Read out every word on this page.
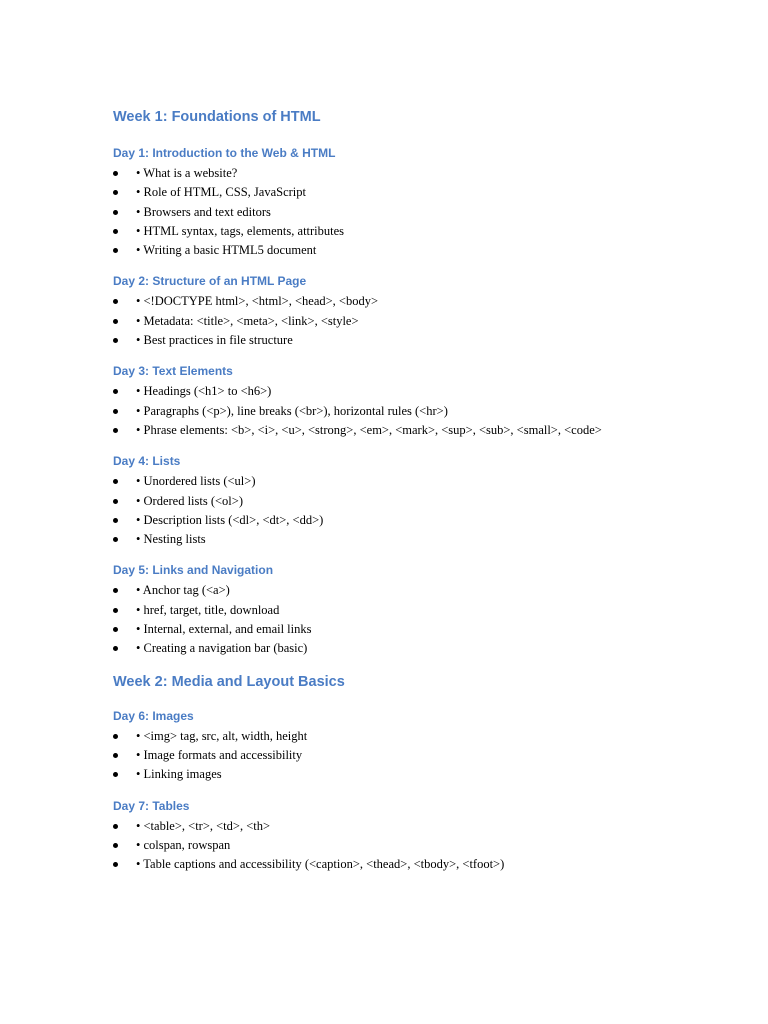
Week 1: Foundations of HTML
Day 1: Introduction to the Web & HTML
• What is a website?
• Role of HTML, CSS, JavaScript
• Browsers and text editors
• HTML syntax, tags, elements, attributes
• Writing a basic HTML5 document
Day 2: Structure of an HTML Page
• <!DOCTYPE html>, <html>, <head>, <body>
• Metadata: <title>, <meta>, <link>, <style>
• Best practices in file structure
Day 3: Text Elements
• Headings (<h1> to <h6>)
• Paragraphs (<p>), line breaks (<br>), horizontal rules (<hr>)
• Phrase elements: <b>, <i>, <u>, <strong>, <em>, <mark>, <sup>, <sub>, <small>, <code>
Day 4: Lists
• Unordered lists (<ul>)
• Ordered lists (<ol>)
• Description lists (<dl>, <dt>, <dd>)
• Nesting lists
Day 5: Links and Navigation
• Anchor tag (<a>)
• href, target, title, download
• Internal, external, and email links
• Creating a navigation bar (basic)
Week 2: Media and Layout Basics
Day 6: Images
• <img> tag, src, alt, width, height
• Image formats and accessibility
• Linking images
Day 7: Tables
• <table>, <tr>, <td>, <th>
• colspan, rowspan
• Table captions and accessibility (<caption>, <thead>, <tbody>, <tfoot>)
